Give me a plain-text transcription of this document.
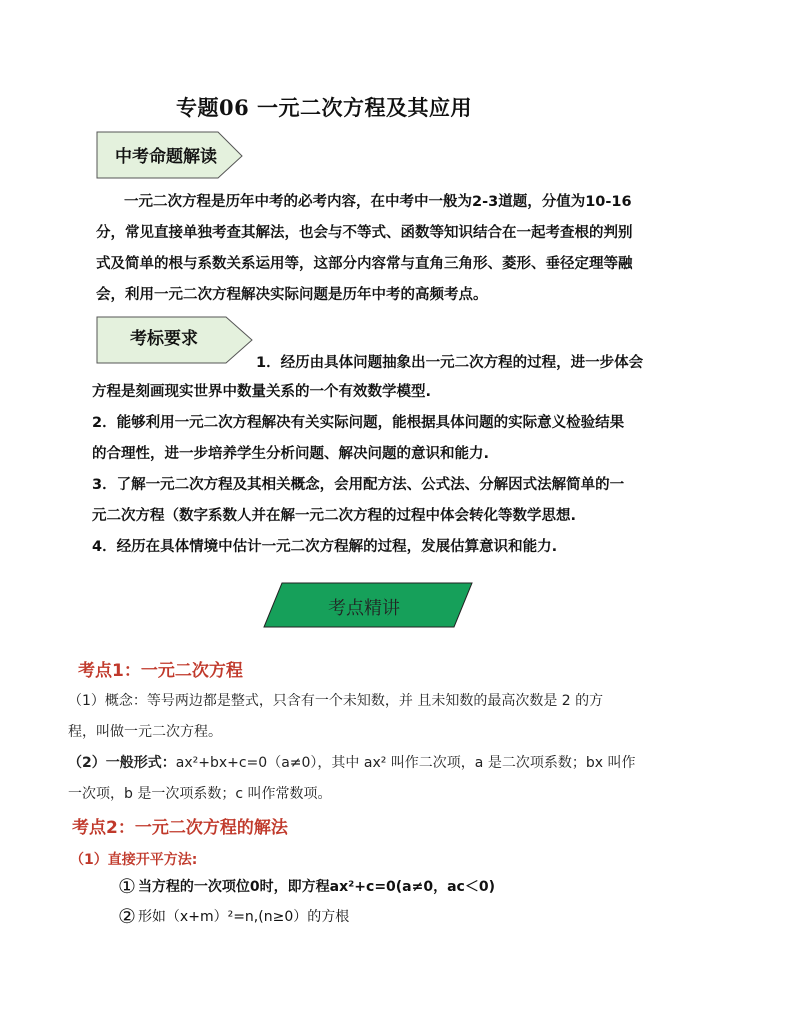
专题06 一元二次方程及其应用
中考命题解读
一元二次方程是历年中考的必考内容，在中考中一般为2-3道题，分值为10-16
分，常见直接单独考查其解法，也会与不等式、函数等知识结合在一起考查根的判别
式及简单的根与系数关系运用等，这部分内容常与直角三角形、菱形、垂径定理等融
会，利用一元二次方程解决实际问题是历年中考的高频考点。
考标要求
1．经历由具体问题抽象出一元二次方程的过程，进一步体会
方程是刻画现实世界中数量关系的一个有效数学模型.
2．能够利用一元二次方程解决有关实际问题，能根据具体问题的实际意义检验结果
的合理性，进一步培养学生分析问题、解决问题的意识和能力.
3．了解一元二次方程及其相关概念，会用配方法、公式法、分解因式法解简单的一
元二次方程（数字系数人并在解一元二次方程的过程中体会转化等数学思想.
4．经历在具体情境中估计一元二次方程解的过程，发展估算意识和能力.
考点精讲
考点1：一元二次方程
（1）概念：等号两边都是整式，只含有一个未知数，并 且未知数的最高次数是 2 的方
程，叫做一元二次方程。
（2）一般形式：ax²+bx+c=0（a≠0），其中 ax² 叫作二次项，a 是二次项系数；bx 叫作
一次项，b 是一次项系数；c 叫作常数项。
考点2：一元二次方程的解法
（1）直接开平方法:
① 当方程的一次项位0时，即方程ax²+c=0(a≠0，ac＜0)
② 形如（x+m）²=n,(n≥0）的方根
